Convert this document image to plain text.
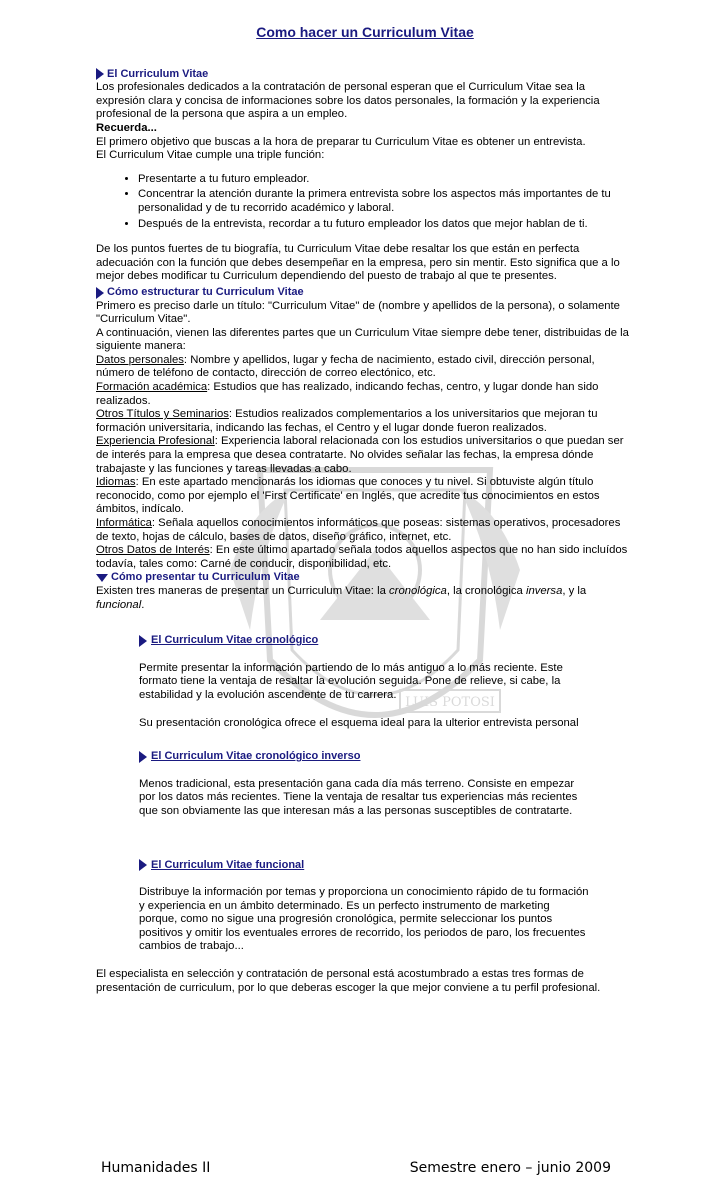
LUIS POTOSI
Como hacer un Curriculum Vitae
El Curriculum Vitae

Los profesionales dedicados a la contratación de personal esperan que el Curriculum Vitae sea la expresión clara y concisa de informaciones sobre los datos personales, la formación y la experiencia profesional de la persona que aspira a un empleo.

Recuerda...

El primero objetivo que buscas a la hora de preparar tu Curriculum Vitae es obtener un entrevista.

El Curriculum Vitae cumple una triple función:

• Presentarte a tu futuro empleador.
• Concentrar la atención durante la primera entrevista sobre los aspectos más importantes de tu personalidad y de tu recorrido académico y laboral.
• Después de la entrevista, recordar a tu futuro empleador los datos que mejor hablan de ti.

De los puntos fuertes de tu biografía, tu Curriculum Vitae debe resaltar los que están en perfecta adecuación con la función que debes desempeñar en la empresa, pero sin mentir. Esto significa que a lo mejor debes modificar tu Curriculum dependiendo del puesto de trabajo al que te presentes.

Cómo estructurar tu Curriculum Vitae

Primero es preciso darle un título: "Curriculum Vitae" de (nombre y apellidos de la persona), o solamente "Curriculum Vitae".

A continuación, vienen las diferentes partes que un Curriculum Vitae siempre debe tener, distribuidas de la siguiente manera:

Datos personales: Nombre y apellidos, lugar y fecha de nacimiento, estado civil, dirección personal, número de teléfono de contacto, dirección de correo electónico, etc.

Formación académica: Estudios que has realizado, indicando fechas, centro, y lugar donde han sido realizados.

Otros Títulos y Seminarios: Estudios realizados complementarios a los universitarios que mejoran tu formación universitaria, indicando las fechas, el Centro y el lugar donde fueron realizados.

Experiencia Profesional: Experiencia laboral relacionada con los estudios universitarios o que puedan ser de interés para la empresa que desea contratarte. No olvides señalar las fechas, la empresa dónde trabajaste y las funciones y tareas llevadas a cabo.

Idiomas: En este apartado mencionarás los idiomas que conoces y tu nivel. Si obtuviste algún título reconocido, como por ejemplo el 'First Certificate' en Inglés, que acredite tus conocimientos en estos ámbitos, indícalo.

Informática: Señala aquellos conocimientos informáticos que poseas: sistemas operativos, procesadores de texto, hojas de cálculo, bases de datos, diseño gráfico, internet, etc.

Otros Datos de Interés: En este último apartado señala todos aquellos aspectos que no han sido incluídos todavía, tales como: Carné de conducir, disponibilidad, etc.

Cómo presentar tu Curriculum Vitae

Existen tres maneras de presentar un Curriculum Vitae: la cronológica, la cronológica inversa, y la funcional.

El Curriculum Vitae cronológico

Permite presentar la información partiendo de lo más antiguo a lo más reciente. Este formato tiene la ventaja de resaltar la evolución seguida. Pone de relieve, si cabe, la estabilidad y la evolución ascendente de tu carrera.

Su presentación cronológica ofrece el esquema ideal para la ulterior entrevista personal

El Curriculum Vitae cronológico inverso

Menos tradicional, esta presentación gana cada día más terreno. Consiste en empezar por los datos más recientes. Tiene la ventaja de resaltar tus experiencias más recientes que son obviamente las que interesan más a las personas susceptibles de contratarte.

El Curriculum Vitae funcional

Distribuye la información por temas y proporciona un conocimiento rápido de tu formación y experiencia en un ámbito determinado. Es un perfecto instrumento de marketing porque, como no sigue una progresión cronológica, permite seleccionar los puntos positivos y omitir los eventuales errores de recorrido, los periodos de paro, los frecuentes cambios de trabajo...

El especialista en selección y contratación de personal está acostumbrado a estas tres formas de presentación de curriculum, por lo que deberas escoger la que mejor conviene a tu perfil profesional.

Humanidades II	Semestre enero – junio 2009
